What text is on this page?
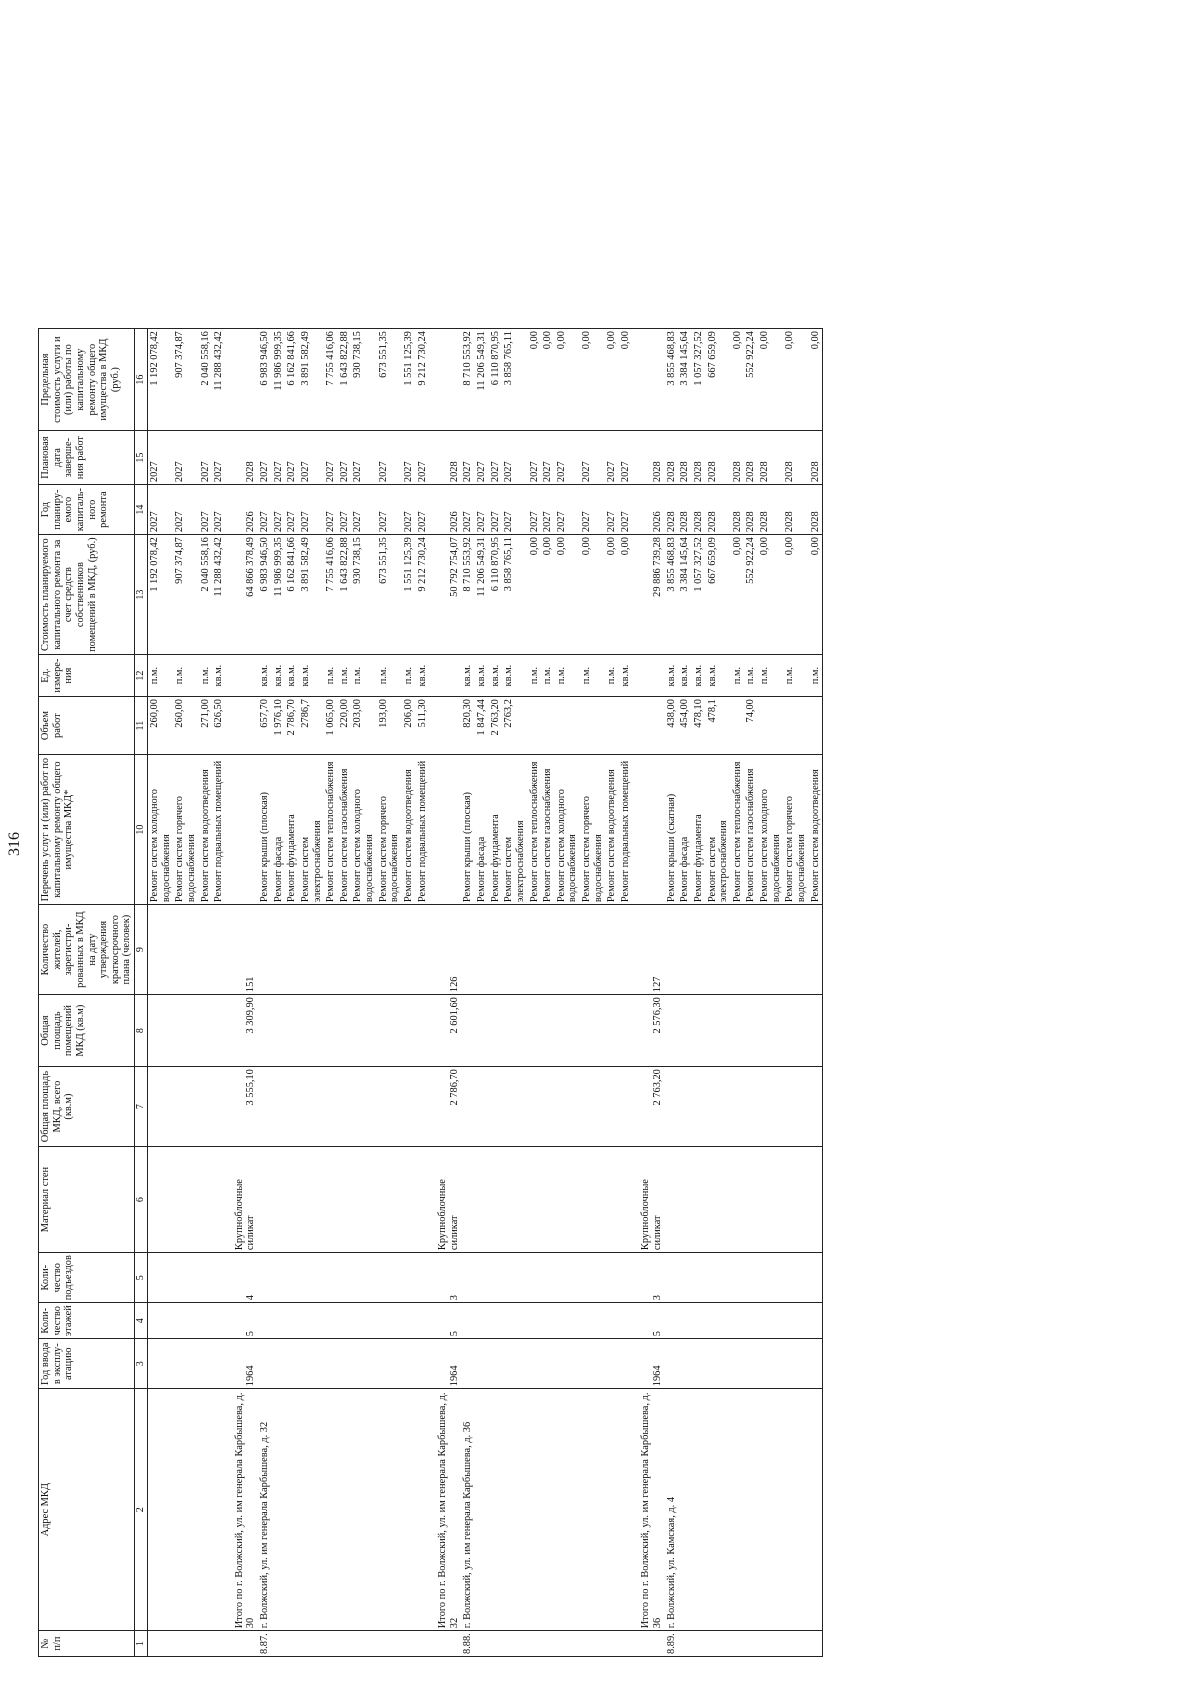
316
№ п/п	Адрес МКД	Год ввода в эксплу-атацию	Коли-чество этажей	Коли-чество подъездов	Материал стен	Общая площадь МКД, всего (кв.м)	Общая площадь помещений МКД (кв.м)	Количество жителей, зарегистри-рованных в МКД на дату утверждения краткосрочного плана (человек)	Перечень услуг и (или) работ по капитальному ремонту общего имущества МКД*	Объем работ	Ед. измере-ния	Стоимость планируемого капитального ремонта за счет средств собственников помещений в МКД, (руб.)	Год планиру-емого капиталь-ного ремонта	Плановая дата заверше-ния работ	Предельная стоимость услуги и (или) работы по капитальному ремонту общего имущества в МКД (руб.)
1	2	3	4	5	6	7	8	9	10	11	12	13	14	15	16
									Ремонт систем холодного водоснабжения	260,00	п.м.	1 192 078,42	2027	2027	1 192 078,42
									Ремонт систем горячего водоснабжения	260,00	п.м.	907 374,87	2027	2027	907 374,87
									Ремонт систем водоотведения	271,00	п.м.	2 040 558,16	2027	2027	2 040 558,16
									Ремонт подвальных помещений	626,50	кв.м.	11 288 432,42	2027	2027	11 288 432,42
	Итого по г. Волжский, ул. им генерала Карбышева, д. 30	1964	5	4	Крупноблочные силикат	3 555,10	3 309,90	151				64 866 378,49	2026	2028	
8.87.	г. Волжский, ул. им генерала Карбышева, д. 32								Ремонт крыши (плоская)	657,70	кв.м.	6 983 946,50	2027	2027	6 983 946,50
									Ремонт фасада	1 976,10	кв.м.	11 986 999,35	2027	2027	11 986 999,35
									Ремонт фундамента	2 786,70	кв.м.	6 162 841,66	2027	2027	6 162 841,66
									Ремонт систем электроснабжения	2786,7	кв.м.	3 891 582,49	2027	2027	3 891 582,49
									Ремонт систем теплоснабжения	1 065,00	п.м.	7 755 416,06	2027	2027	7 755 416,06
									Ремонт систем газоснабжения	220,00	п.м.	1 643 822,88	2027	2027	1 643 822,88
									Ремонт систем холодного водоснабжения	203,00	п.м.	930 738,15	2027	2027	930 738,15
									Ремонт систем горячего водоснабжения	193,00	п.м.	673 551,35	2027	2027	673 551,35
									Ремонт систем водоотведения	206,00	п.м.	1 551 125,39	2027	2027	1 551 125,39
									Ремонт подвальных помещений	511,30	кв.м.	9 212 730,24	2027	2027	9 212 730,24
	Итого по г. Волжский, ул. им генерала Карбышева, д. 32	1964	5	3	Крупноблочные силикат	2 786,70	2 601,60	126				50 792 754,07	2026	2028	
8.88.	г. Волжский, ул. им генерала Карбышева, д. 36								Ремонт крыши (плоская)	820,30	кв.м.	8 710 553,92	2027	2027	8 710 553,92
									Ремонт фасада	1 847,44	кв.м.	11 206 549,31	2027	2027	11 206 549,31
									Ремонт фундамента	2 763,20	кв.м.	6 110 870,95	2027	2027	6 110 870,95
									Ремонт систем электроснабжения	2763,2	кв.м.	3 858 765,11	2027	2027	3 858 765,11
									Ремонт систем теплоснабжения		п.м.	0,00	2027	2027	0,00
									Ремонт систем газоснабжения		п.м.	0,00	2027	2027	0,00
									Ремонт систем холодного водоснабжения		п.м.	0,00	2027	2027	0,00
									Ремонт систем горячего водоснабжения		п.м.	0,00	2027	2027	0,00
									Ремонт систем водоотведения		п.м.	0,00	2027	2027	0,00
									Ремонт подвальных помещений		кв.м.	0,00	2027	2027	0,00
	Итого по г. Волжский, ул. им генерала Карбышева, д. 36	1964	5	3	Крупноблочные силикат	2 763,20	2 576,30	127				29 886 739,28	2026	2028	
8.89.	г. Волжский, ул. Камская, д. 4								Ремонт крыши (скатная)	438,00	кв.м.	3 855 468,83	2028	2028	3 855 468,83
									Ремонт фасада	454,00	кв.м.	3 384 145,64	2028	2028	3 384 145,64
									Ремонт фундамента	478,10	кв.м.	1 057 327,52	2028	2028	1 057 327,52
									Ремонт систем электроснабжения	478,1	кв.м.	667 659,09	2028	2028	667 659,09
									Ремонт систем теплоснабжения		п.м.	0,00	2028	2028	0,00
									Ремонт систем газоснабжения	74,00	п.м.	552 922,24	2028	2028	552 922,24
									Ремонт систем холодного водоснабжения		п.м.	0,00	2028	2028	0,00
									Ремонт систем горячего водоснабжения		п.м.	0,00	2028	2028	0,00
									Ремонт систем водоотведения		п.м.	0,00	2028	2028	0,00
